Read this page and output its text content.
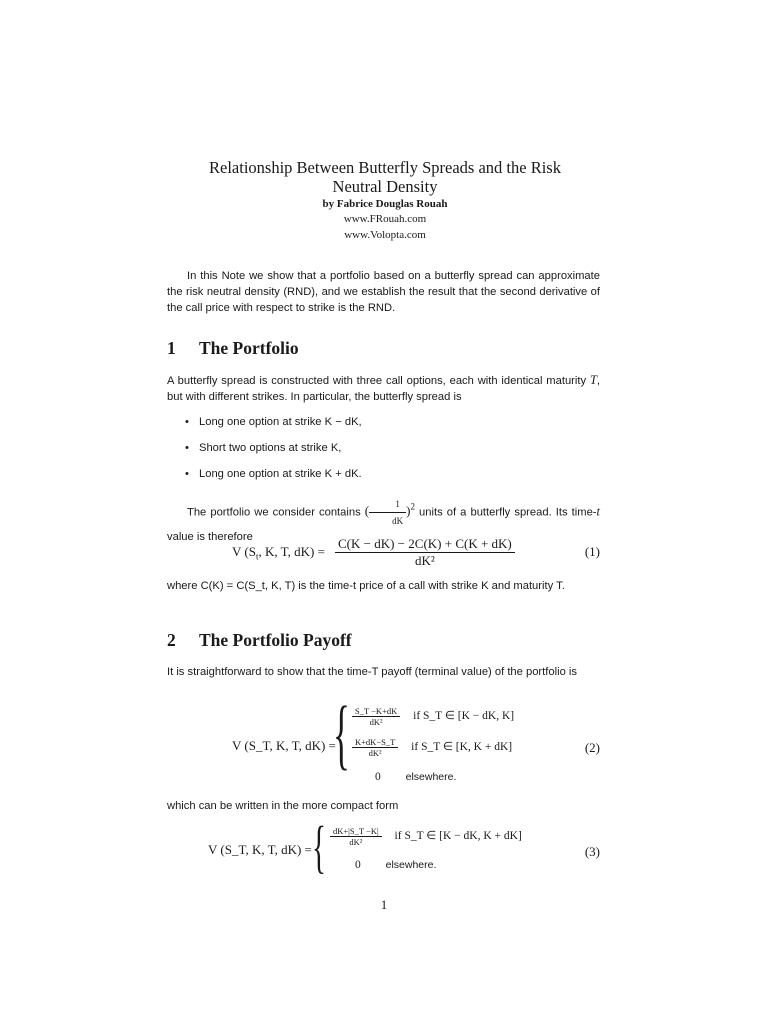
Relationship Between Butterfly Spreads and the Risk
Neutral Density
by Fabrice Douglas Rouah
www.FRouah.com
www.Volopta.com
In this Note we show that a portfolio based on a butterfly spread can approximate the risk neutral density (RND), and we establish the result that the second derivative of the call price with respect to strike is the RND.
1 The Portfolio
A butterfly spread is constructed with three call options, each with identical maturity T, but with different strikes. In particular, the butterfly spread is
• Long one option at strike K − dK,
• Short two options at strike K,
• Long one option at strike K + dK.
The portfolio we consider contains ( $\frac{1}{dK} )^2$ units of a butterfly spread. Its time-t value is therefore
V ($S_t$, K, T, $dK) = \frac{C(K - dK) - 2C(K) + C(K + dK)}{\text{dK²}}$	(1)
where C(K) = C(S_t, K, T) is the time-t price of a call with strike K and maturity T.
2 The Portfolio Payoff
It is straightforward to show that the time-T payoff (terminal value) of the portfolio is
V (S_T, K, T, dK) =
{ $\frac{S\_T -K+dK}{\text{dK²}}$ if S_T ∈ [K − dK, K]
$\frac{K+dK-S\_T}{\text{dK²}}$ if S_T ∈ [K, K + dK]
0 elsewhere.
(2)
which can be written in the more compact form
V (S_T, K, T, dK) = { $\frac{dK+|S\_T -K|}{\text{dK²}}$ if S_T ∈ [K − dK, K + dK]
0 elsewhere.
(3)
1
